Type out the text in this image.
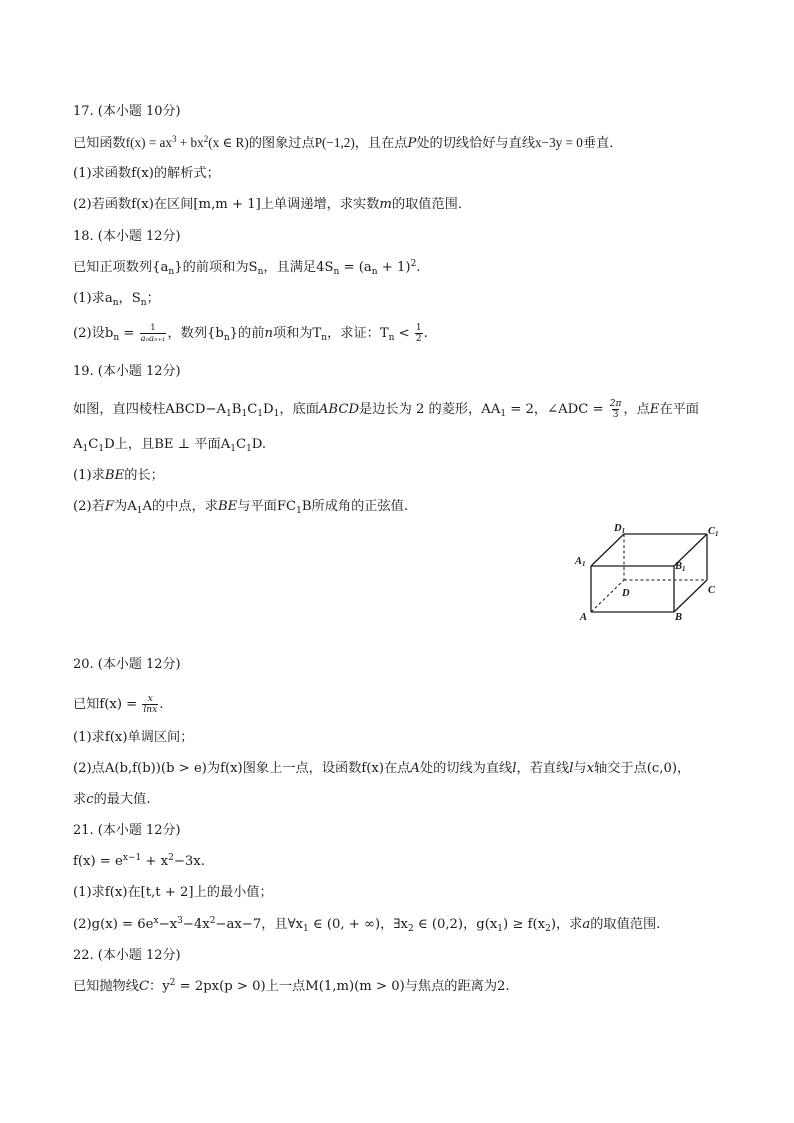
17. (本小题 10分)
已知函数$f(x) = ax^3 + bx^2(x$ ∈ R)的图象过点P(−1,2)，且在点P处的切线恰好与直线x−3y = 0垂直．
(1)求函数f(x)的解析式；
(2)若函数f(x)在区间[m,m + 1]上单调递增，求实数m的取值范围．
18. (本小题 12分)
已知正项数列$\{a_n\}$的前项和为$S_n$，且满足$4S_n = (a_n + 1)^2$.
(1)求$a_n$，$S_n$；
(2)设$b_n = \frac{1}{\text{aₙaₙ₊₁}}$ ，数列$\{b_n\}$的前n项和为$T_n$，求证：$T_n < \frac{1}{2}$ .
19. (本小题 12分)
如图，直四棱柱$ABCD-A_1B_1C_1D_1$，底面ABCD是边长为 2 的菱形，$AA_1 = 2$，∠ADC = $\frac{2\pi}{3}$ ，点E在平面
$A_1C_1D$上，且BE ⊥ 平面$A_1C_1D$.
(1)求BE的长；
(2)若F为$A_1A$的中点，求BE与平面$FC_1B$所成角的正弦值.
D1	C1
A1	B1
D	C
A	B
20. (本小题 12分)
已知$f(x) = \frac{x}{\ln x}$ .
(1)求f(x)单调区间；
(2)点A(b,f(b))(b > e)为f(x)图象上一点，设函数f(x)在点A处的切线为直线l，若直线l与x轴交于点(c,0)，
求c的最大值.
21. (本小题 12分)
$f(x) = e^{x-1} + x^2-3x$.
(1)求f(x)在[t,t + 2]上的最小值；
$(2)g(x) = 6e^x-x^3-4x^2-ax-7$，且$\forall x_1$ ∈ (0, + ∞)，$\exists x_2$ ∈ (0,2)，$g(x_1) \ge f(x_2)$，求a的取值范围.
22. (本小题 12分)
已知抛物线C：$y^2 = 2px(p > 0)$上一点M(1,m)(m > 0)与焦点的距离为2.
